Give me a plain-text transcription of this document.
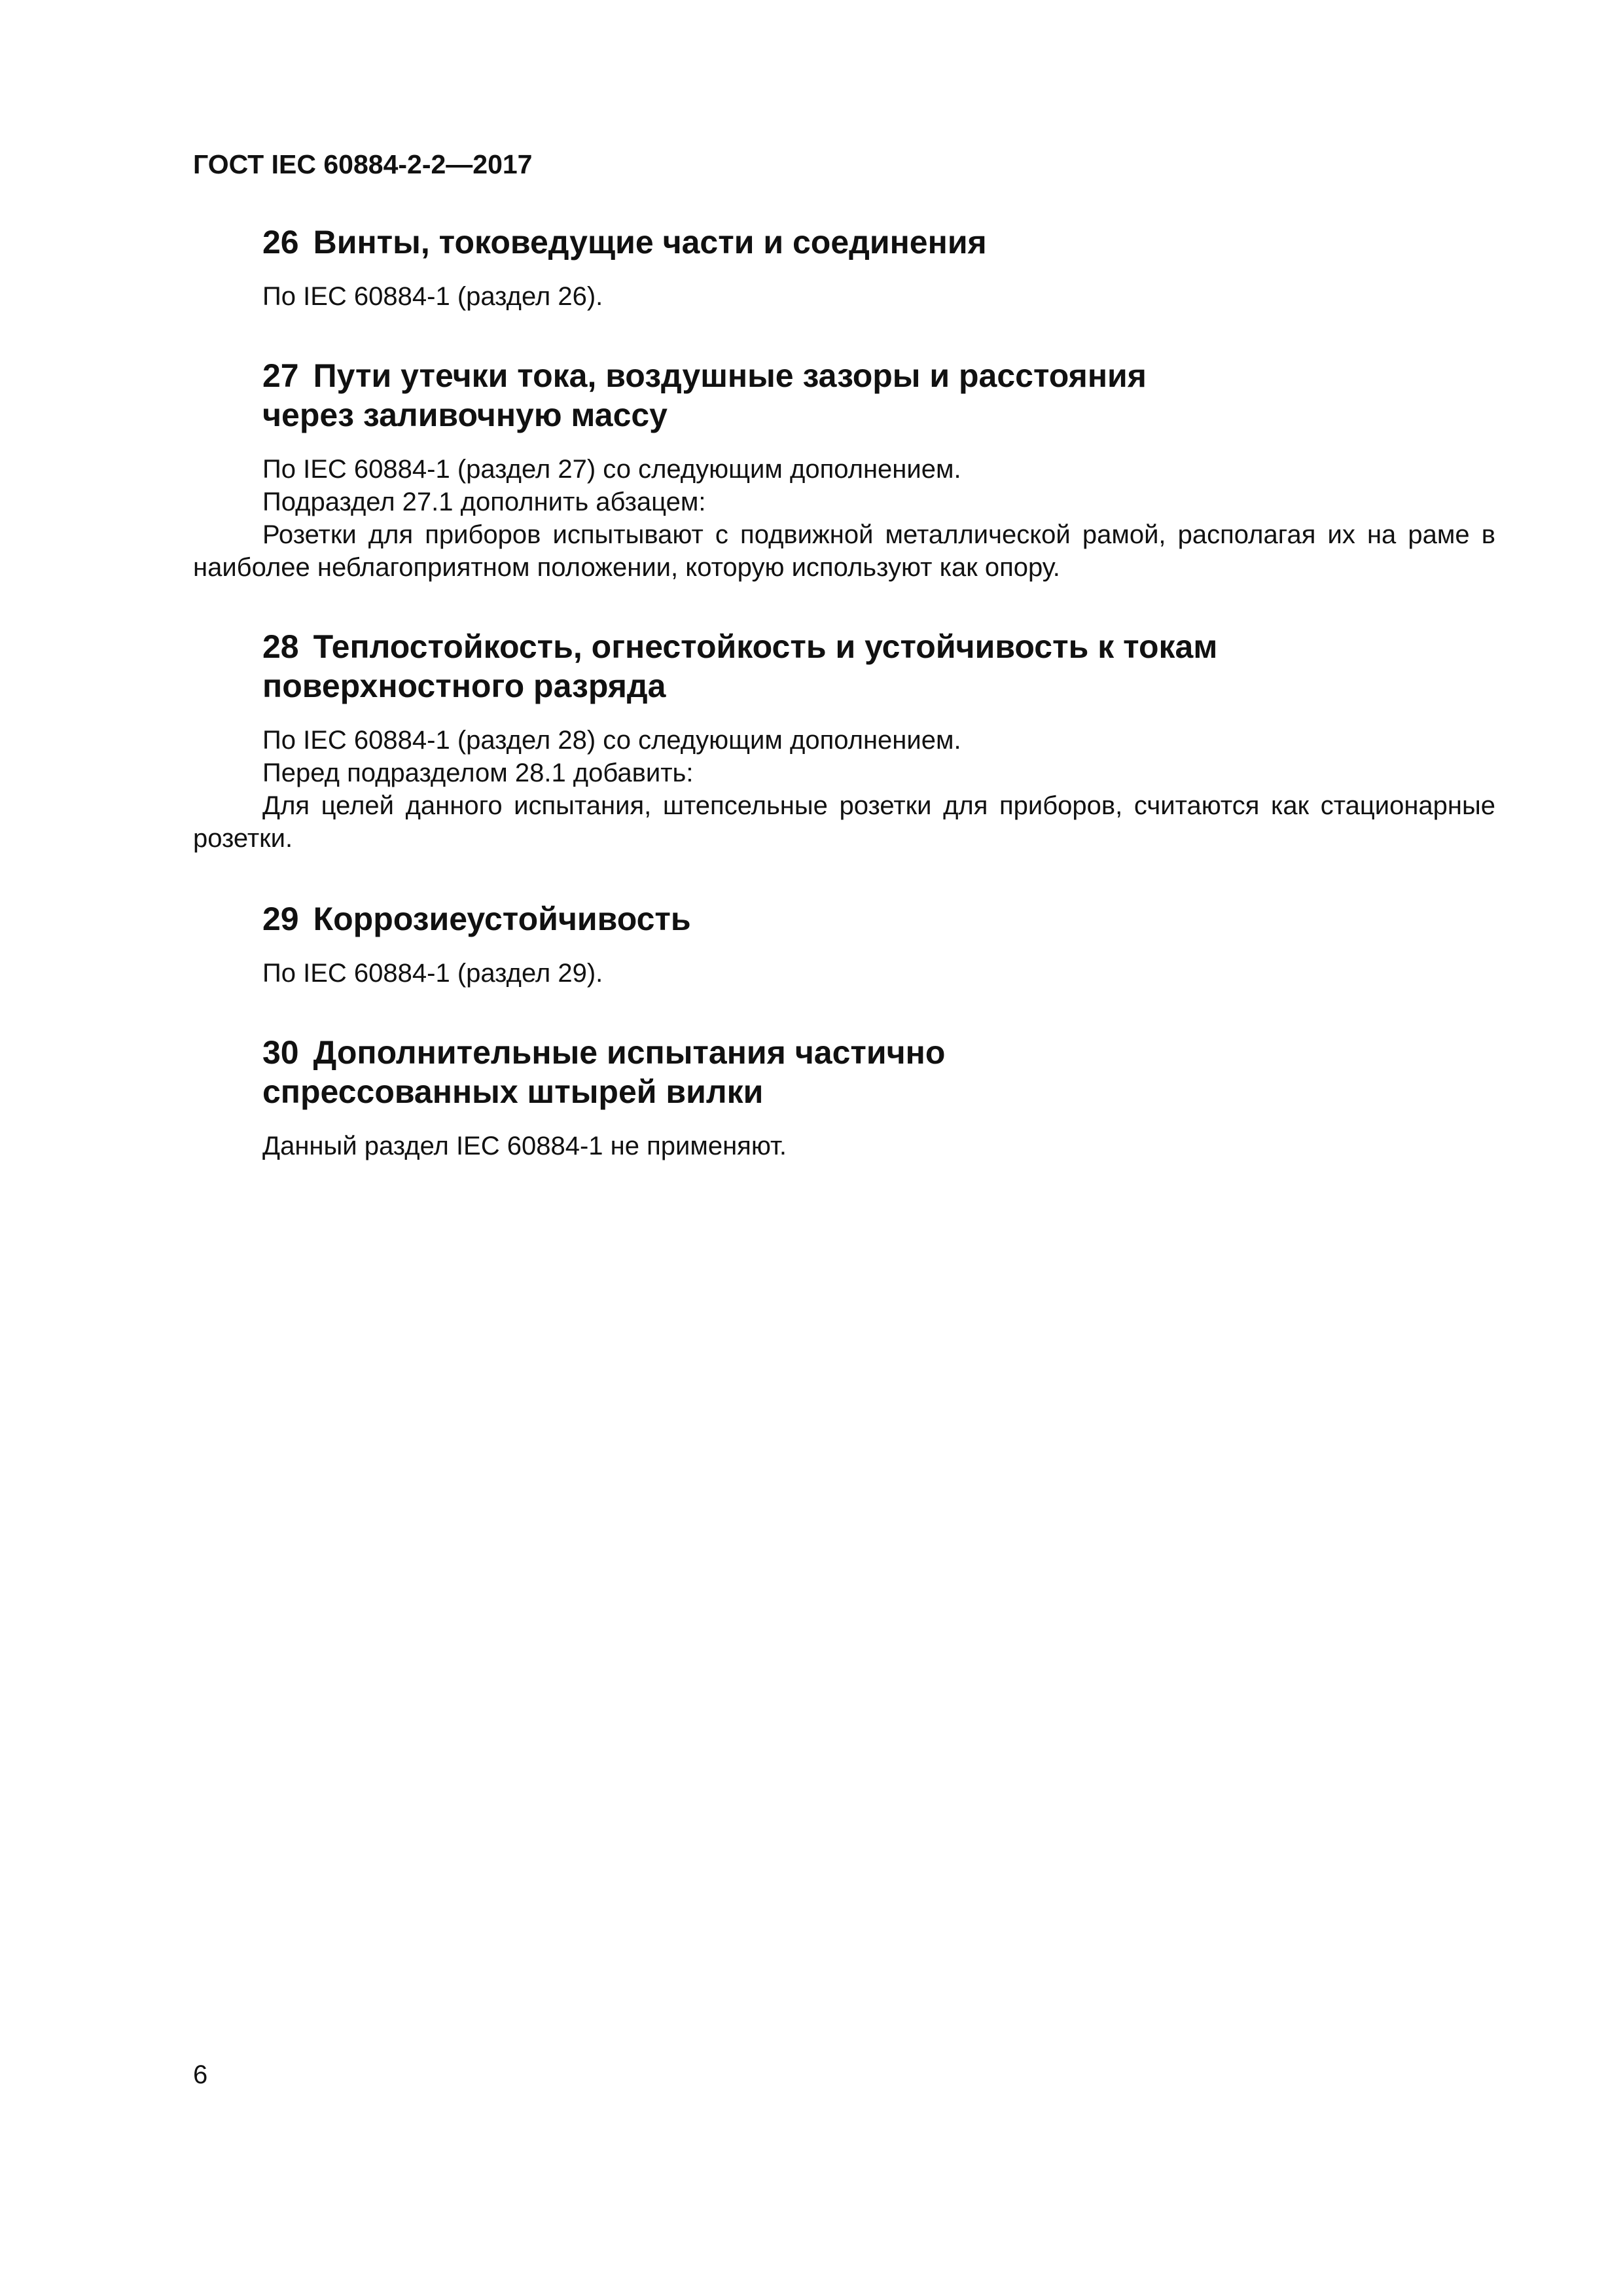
ГОСТ IEC 60884-2-2—2017
26 Винты, токоведущие части и соединения

По IEC 60884-1 (раздел 26).

27 Пути утечки тока, воздушные зазоры и расстояния
через заливочную массу

По IEC 60884-1 (раздел 27) со следующим дополнением.

Подраздел 27.1 дополнить абзацем:

Розетки для приборов испытывают с подвижной металлической рамой, располагая их на раме в наиболее неблагоприятном положении, которую используют как опору.

28 Теплостойкость, огнестойкость и устойчивость к токам
поверхностного разряда

По IEC 60884-1 (раздел 28) со следующим дополнением.

Перед подразделом 28.1 добавить:

Для целей данного испытания, штепсельные розетки для приборов, считаются как стационарные розетки.

29 Коррозиеустойчивость

По IEC 60884-1 (раздел 29).

30 Дополнительные испытания частично
спрессованных штырей вилки

Данный раздел IEC 60884-1 не применяют.

6
